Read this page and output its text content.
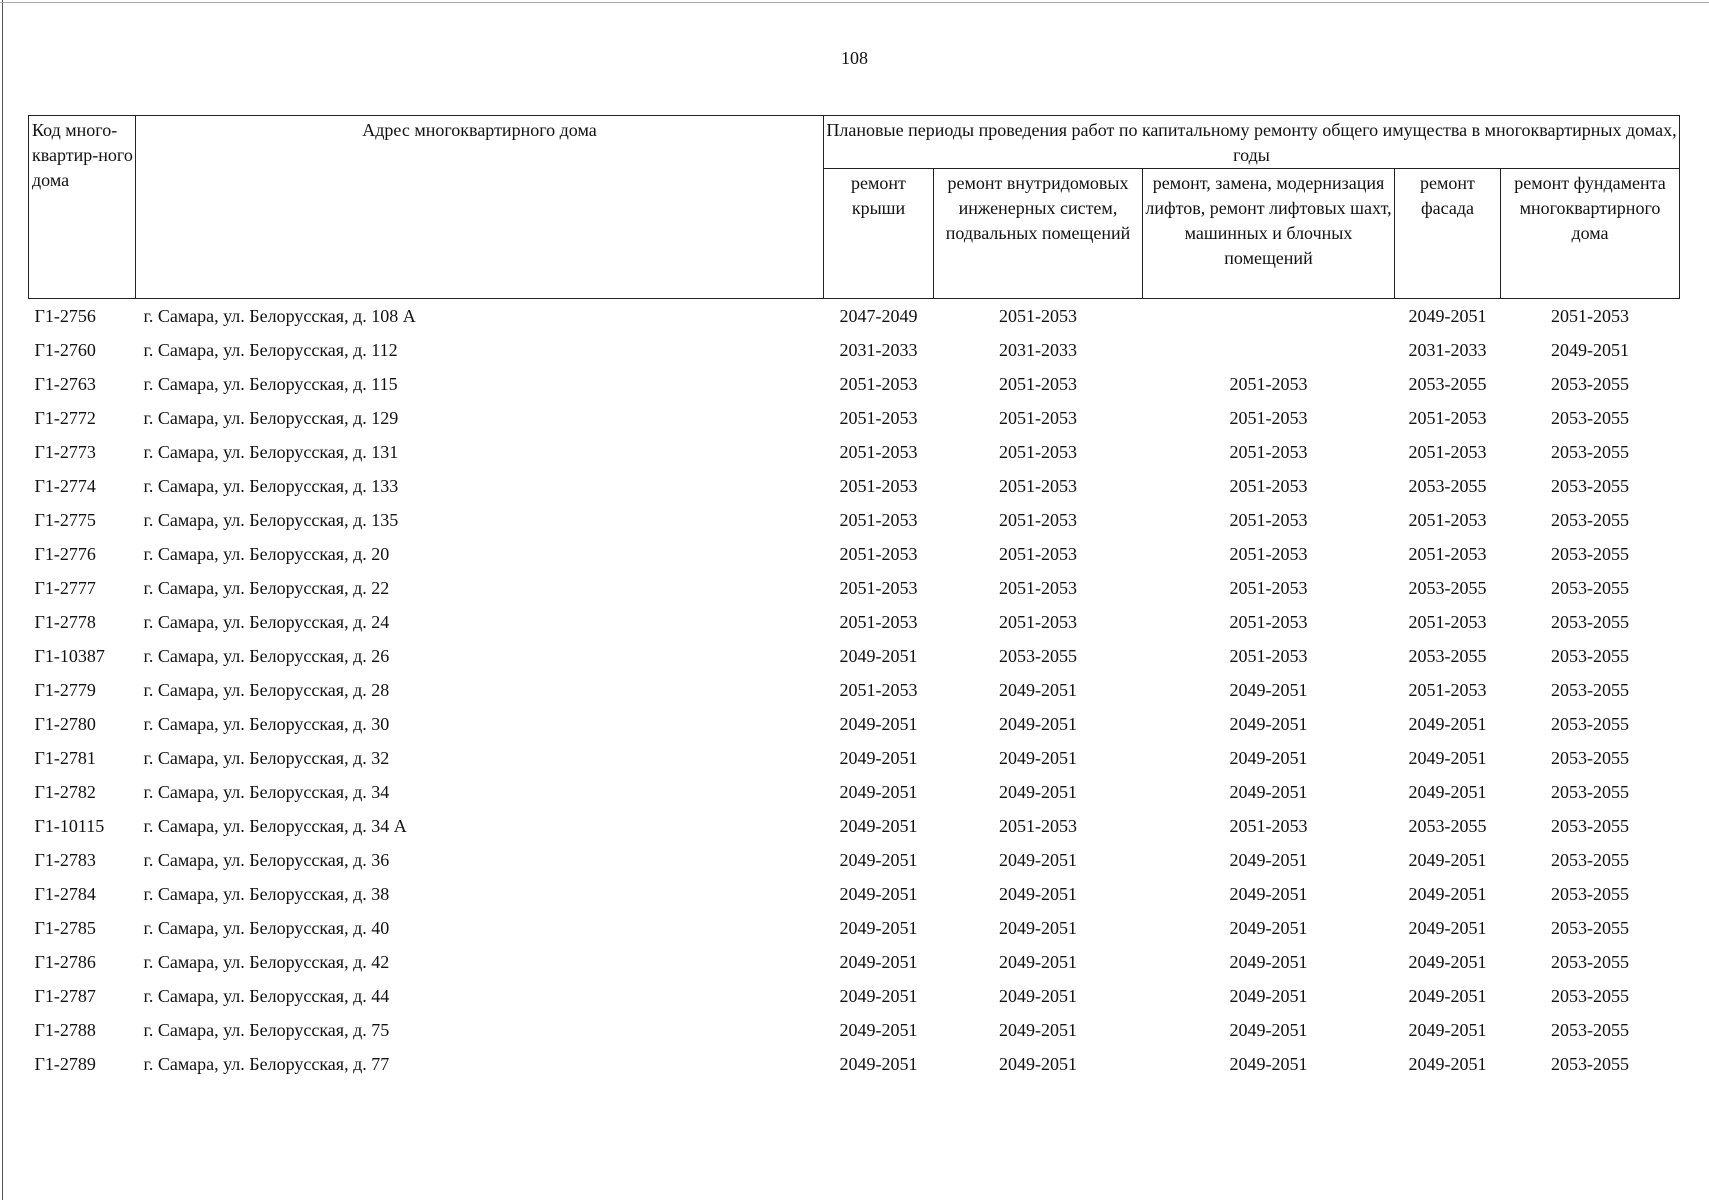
108
Код много-квартир-ного дома	Адрес многоквартирного дома	Плановые периоды проведения работ по капитальному ремонту общего имущества в многоквартирных домах, годы				
		ремонт крыши	ремонт внутридомовых инженерных систем, подвальных помещений	ремонт, замена, модернизация лифтов, ремонт лифтовых шахт, машинных и блочных помещений	ремонт фасада	ремонт фундамента многоквартирного дома
Г1-2756	г. Самара, ул. Белорусская, д. 108 А	2047-2049	2051-2053		2049-2051	2051-2053
Г1-2760	г. Самара, ул. Белорусская, д. 112	2031-2033	2031-2033		2031-2033	2049-2051
Г1-2763	г. Самара, ул. Белорусская, д. 115	2051-2053	2051-2053	2051-2053	2053-2055	2053-2055
Г1-2772	г. Самара, ул. Белорусская, д. 129	2051-2053	2051-2053	2051-2053	2051-2053	2053-2055
Г1-2773	г. Самара, ул. Белорусская, д. 131	2051-2053	2051-2053	2051-2053	2051-2053	2053-2055
Г1-2774	г. Самара, ул. Белорусская, д. 133	2051-2053	2051-2053	2051-2053	2053-2055	2053-2055
Г1-2775	г. Самара, ул. Белорусская, д. 135	2051-2053	2051-2053	2051-2053	2051-2053	2053-2055
Г1-2776	г. Самара, ул. Белорусская, д. 20	2051-2053	2051-2053	2051-2053	2051-2053	2053-2055
Г1-2777	г. Самара, ул. Белорусская, д. 22	2051-2053	2051-2053	2051-2053	2053-2055	2053-2055
Г1-2778	г. Самара, ул. Белорусская, д. 24	2051-2053	2051-2053	2051-2053	2051-2053	2053-2055
Г1-10387	г. Самара, ул. Белорусская, д. 26	2049-2051	2053-2055	2051-2053	2053-2055	2053-2055
Г1-2779	г. Самара, ул. Белорусская, д. 28	2051-2053	2049-2051	2049-2051	2051-2053	2053-2055
Г1-2780	г. Самара, ул. Белорусская, д. 30	2049-2051	2049-2051	2049-2051	2049-2051	2053-2055
Г1-2781	г. Самара, ул. Белорусская, д. 32	2049-2051	2049-2051	2049-2051	2049-2051	2053-2055
Г1-2782	г. Самара, ул. Белорусская, д. 34	2049-2051	2049-2051	2049-2051	2049-2051	2053-2055
Г1-10115	г. Самара, ул. Белорусская, д. 34 А	2049-2051	2051-2053	2051-2053	2053-2055	2053-2055
Г1-2783	г. Самара, ул. Белорусская, д. 36	2049-2051	2049-2051	2049-2051	2049-2051	2053-2055
Г1-2784	г. Самара, ул. Белорусская, д. 38	2049-2051	2049-2051	2049-2051	2049-2051	2053-2055
Г1-2785	г. Самара, ул. Белорусская, д. 40	2049-2051	2049-2051	2049-2051	2049-2051	2053-2055
Г1-2786	г. Самара, ул. Белорусская, д. 42	2049-2051	2049-2051	2049-2051	2049-2051	2053-2055
Г1-2787	г. Самара, ул. Белорусская, д. 44	2049-2051	2049-2051	2049-2051	2049-2051	2053-2055
Г1-2788	г. Самара, ул. Белорусская, д. 75	2049-2051	2049-2051	2049-2051	2049-2051	2053-2055
Г1-2789	г. Самара, ул. Белорусская, д. 77	2049-2051	2049-2051	2049-2051	2049-2051	2053-2055
